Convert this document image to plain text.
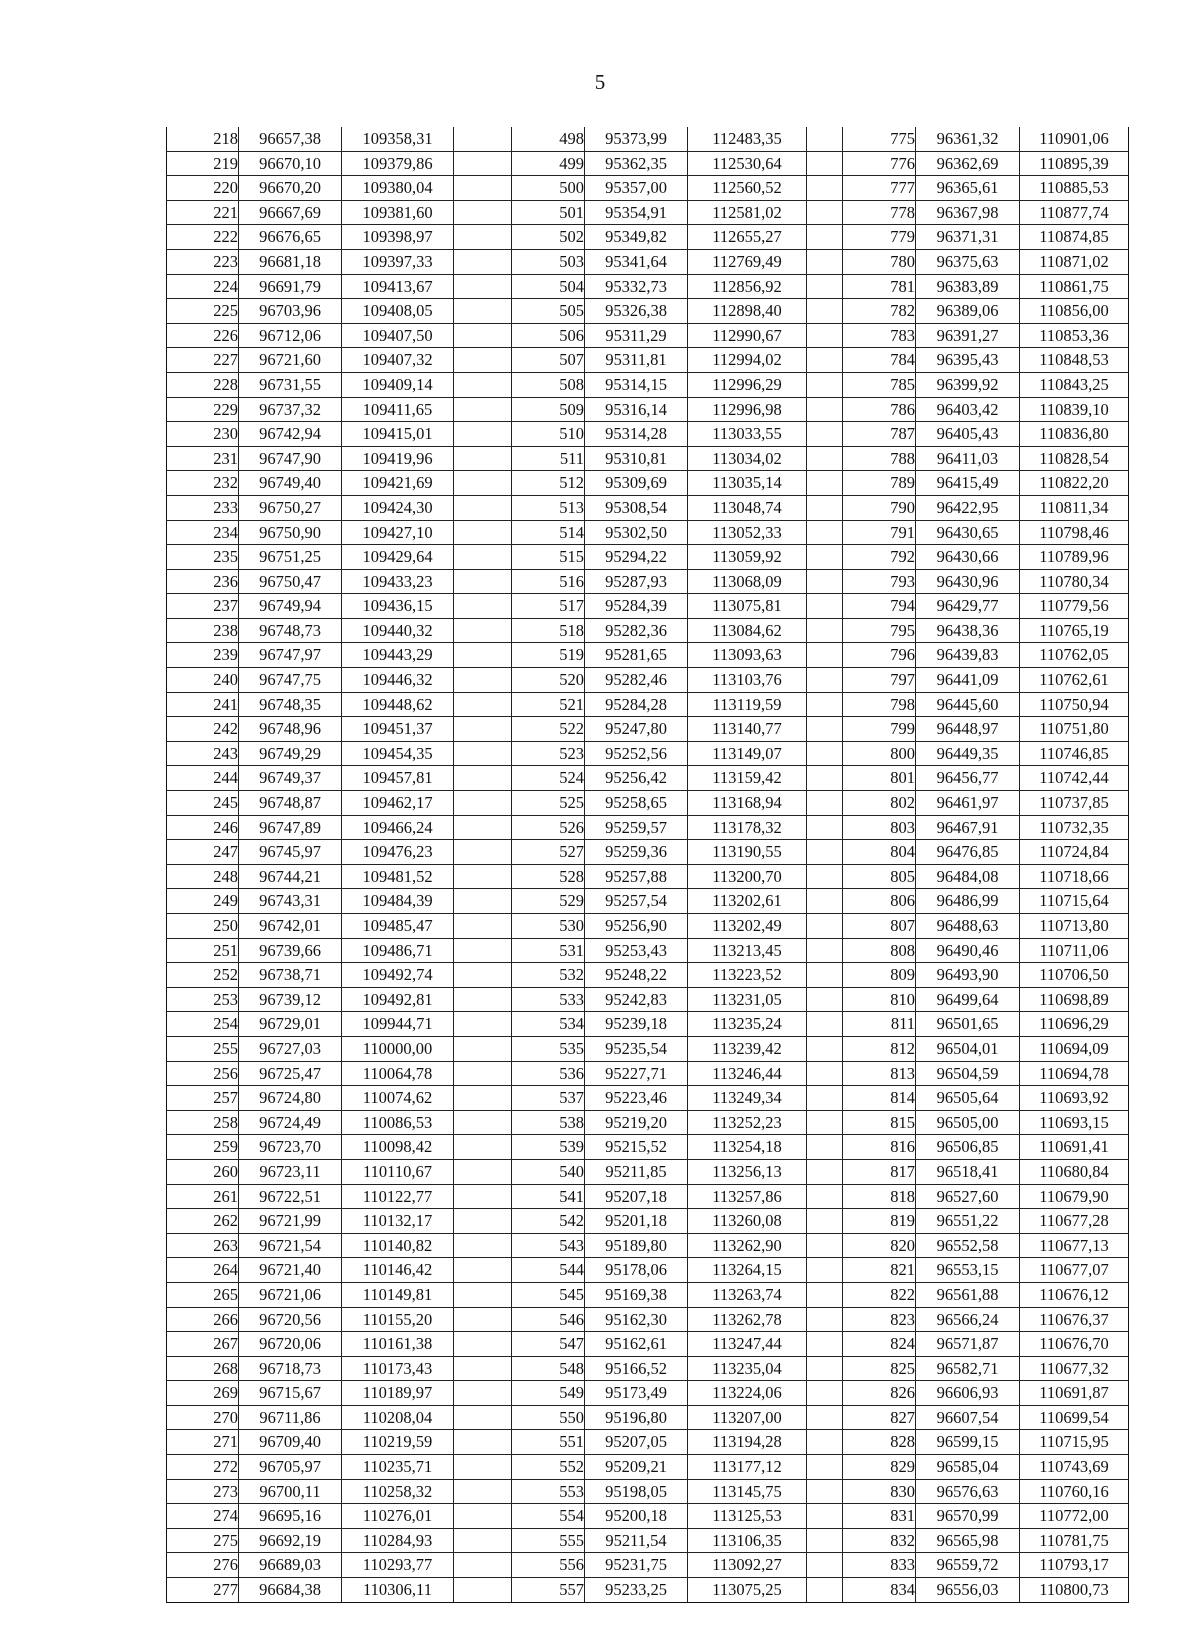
5
218	96657,38	109358,31		498	95373,99	112483,35		775	96361,32	110901,06
219	96670,10	109379,86		499	95362,35	112530,64		776	96362,69	110895,39
220	96670,20	109380,04		500	95357,00	112560,52		777	96365,61	110885,53
221	96667,69	109381,60		501	95354,91	112581,02		778	96367,98	110877,74
222	96676,65	109398,97		502	95349,82	112655,27		779	96371,31	110874,85
223	96681,18	109397,33		503	95341,64	112769,49		780	96375,63	110871,02
224	96691,79	109413,67		504	95332,73	112856,92		781	96383,89	110861,75
225	96703,96	109408,05		505	95326,38	112898,40		782	96389,06	110856,00
226	96712,06	109407,50		506	95311,29	112990,67		783	96391,27	110853,36
227	96721,60	109407,32		507	95311,81	112994,02		784	96395,43	110848,53
228	96731,55	109409,14		508	95314,15	112996,29		785	96399,92	110843,25
229	96737,32	109411,65		509	95316,14	112996,98		786	96403,42	110839,10
230	96742,94	109415,01		510	95314,28	113033,55		787	96405,43	110836,80
231	96747,90	109419,96		511	95310,81	113034,02		788	96411,03	110828,54
232	96749,40	109421,69		512	95309,69	113035,14		789	96415,49	110822,20
233	96750,27	109424,30		513	95308,54	113048,74		790	96422,95	110811,34
234	96750,90	109427,10		514	95302,50	113052,33		791	96430,65	110798,46
235	96751,25	109429,64		515	95294,22	113059,92		792	96430,66	110789,96
236	96750,47	109433,23		516	95287,93	113068,09		793	96430,96	110780,34
237	96749,94	109436,15		517	95284,39	113075,81		794	96429,77	110779,56
238	96748,73	109440,32		518	95282,36	113084,62		795	96438,36	110765,19
239	96747,97	109443,29		519	95281,65	113093,63		796	96439,83	110762,05
240	96747,75	109446,32		520	95282,46	113103,76		797	96441,09	110762,61
241	96748,35	109448,62		521	95284,28	113119,59		798	96445,60	110750,94
242	96748,96	109451,37		522	95247,80	113140,77		799	96448,97	110751,80
243	96749,29	109454,35		523	95252,56	113149,07		800	96449,35	110746,85
244	96749,37	109457,81		524	95256,42	113159,42		801	96456,77	110742,44
245	96748,87	109462,17		525	95258,65	113168,94		802	96461,97	110737,85
246	96747,89	109466,24		526	95259,57	113178,32		803	96467,91	110732,35
247	96745,97	109476,23		527	95259,36	113190,55		804	96476,85	110724,84
248	96744,21	109481,52		528	95257,88	113200,70		805	96484,08	110718,66
249	96743,31	109484,39		529	95257,54	113202,61		806	96486,99	110715,64
250	96742,01	109485,47		530	95256,90	113202,49		807	96488,63	110713,80
251	96739,66	109486,71		531	95253,43	113213,45		808	96490,46	110711,06
252	96738,71	109492,74		532	95248,22	113223,52		809	96493,90	110706,50
253	96739,12	109492,81		533	95242,83	113231,05		810	96499,64	110698,89
254	96729,01	109944,71		534	95239,18	113235,24		811	96501,65	110696,29
255	96727,03	110000,00		535	95235,54	113239,42		812	96504,01	110694,09
256	96725,47	110064,78		536	95227,71	113246,44		813	96504,59	110694,78
257	96724,80	110074,62		537	95223,46	113249,34		814	96505,64	110693,92
258	96724,49	110086,53		538	95219,20	113252,23		815	96505,00	110693,15
259	96723,70	110098,42		539	95215,52	113254,18		816	96506,85	110691,41
260	96723,11	110110,67		540	95211,85	113256,13		817	96518,41	110680,84
261	96722,51	110122,77		541	95207,18	113257,86		818	96527,60	110679,90
262	96721,99	110132,17		542	95201,18	113260,08		819	96551,22	110677,28
263	96721,54	110140,82		543	95189,80	113262,90		820	96552,58	110677,13
264	96721,40	110146,42		544	95178,06	113264,15		821	96553,15	110677,07
265	96721,06	110149,81		545	95169,38	113263,74		822	96561,88	110676,12
266	96720,56	110155,20		546	95162,30	113262,78		823	96566,24	110676,37
267	96720,06	110161,38		547	95162,61	113247,44		824	96571,87	110676,70
268	96718,73	110173,43		548	95166,52	113235,04		825	96582,71	110677,32
269	96715,67	110189,97		549	95173,49	113224,06		826	96606,93	110691,87
270	96711,86	110208,04		550	95196,80	113207,00		827	96607,54	110699,54
271	96709,40	110219,59		551	95207,05	113194,28		828	96599,15	110715,95
272	96705,97	110235,71		552	95209,21	113177,12		829	96585,04	110743,69
273	96700,11	110258,32		553	95198,05	113145,75		830	96576,63	110760,16
274	96695,16	110276,01		554	95200,18	113125,53		831	96570,99	110772,00
275	96692,19	110284,93		555	95211,54	113106,35		832	96565,98	110781,75
276	96689,03	110293,77		556	95231,75	113092,27		833	96559,72	110793,17
277	96684,38	110306,11		557	95233,25	113075,25		834	96556,03	110800,73
